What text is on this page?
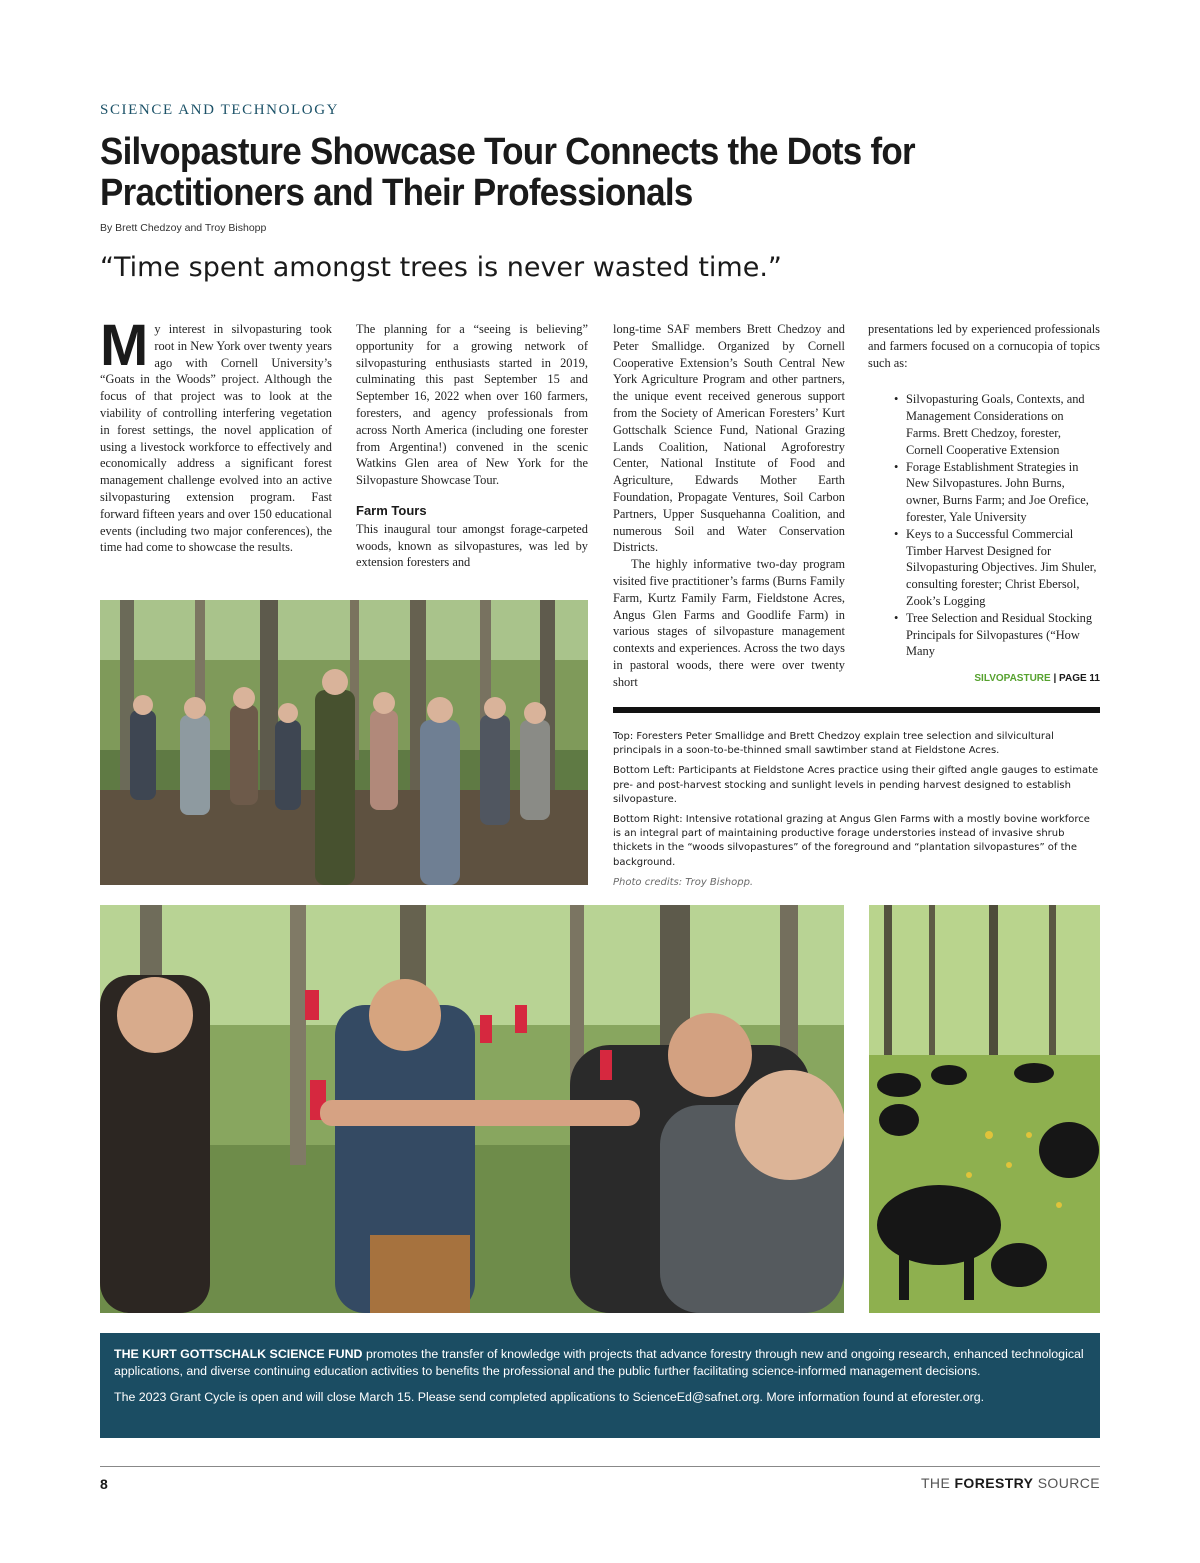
SCIENCE AND TECHNOLOGY
Silvopasture Showcase Tour Connects the Dots for Practitioners and Their Professionals
By Brett Chedzoy and Troy Bishopp
“Time spent amongst trees is never wasted time.”
My interest in silvopasturing took root in New York over twenty years ago with Cornell University’s “Goats in the Woods” project. Although the focus of that project was to look at the viability of controlling interfering vegetation in forest settings, the novel application of using a livestock workforce to effectively and economically address a significant forest management challenge evolved into an active silvopasturing extension program. Fast forward fifteen years and over 150 educational events (including two major conferences), the time had come to showcase the results.

The planning for a “seeing is believing” opportunity for a growing network of silvopasturing enthusiasts started in 2019, culminating this past September 15 and September 16, 2022 when over 160 farmers, foresters, and agency professionals from across North America (including one forester from Argentina!) convened in the scenic Watkins Glen area of New York for the Silvopasture Showcase Tour.

Farm Tours

This inaugural tour amongst forage-carpeted woods, known as silvopastures, was led by extension foresters and

long-time SAF members Brett Chedzoy and Peter Smallidge. Organized by Cornell Cooperative Extension’s South Central New York Agriculture Program and other partners, the unique event received generous support from the Society of American Foresters’ Kurt Gottschalk Science Fund, National Grazing Lands Coalition, National Agroforestry Center, National Institute of Food and Agriculture, Edwards Mother Earth Foundation, Propagate Ventures, Soil Carbon Partners, Upper Susquehanna Coalition, and numerous Soil and Water Conservation Districts.

The highly informative two-day program visited five practitioner’s farms (Burns Family Farm, Kurtz Family Farm, Fieldstone Acres, Angus Glen Farms and Goodlife Farm) in various stages of silvopasture management contexts and experiences. Across the two days in pastoral woods, there were over twenty short

presentations led by experienced professionals and farmers focused on a cornucopia of topics such as:

• Silvopasturing Goals, Contexts, and Management Considerations on Farms. Brett Chedzoy, forester, Cornell Cooperative Extension
• Forage Establishment Strategies in New Silvopastures. John Burns, owner, Burns Farm; and Joe Orefice, forester, Yale University
• Keys to a Successful Commercial Timber Harvest Designed for Silvopasturing Objectives. Jim Shuler, consulting forester; Christ Ebersol, Zook’s Logging
• Tree Selection and Residual Stocking Principals for Silvopastures (“How Many
SILVOPASTURE | PAGE 11

Top: Foresters Peter Smallidge and Brett Chedzoy explain tree selection and silvicultural principals in a soon-to-be-thinned small sawtimber stand at Fieldstone Acres.

Bottom Left: Participants at Fieldstone Acres practice using their gifted angle gauges to estimate pre- and post-harvest stocking and sunlight levels in pending harvest designed to establish silvopasture.

Bottom Right: Intensive rotational grazing at Angus Glen Farms with a mostly bovine workforce is an integral part of maintaining productive forage understories instead of invasive shrub thickets in the “woods silvopastures” of the foreground and “plantation silvopastures” of the background.

Photo credits: Troy Bishopp.

THE KURT GOTTSCHALK SCIENCE FUND promotes the transfer of knowledge with projects that advance forestry through new and ongoing research, enhanced technological applications, and diverse continuing education activities to benefits the professional and the public further facilitating science-informed management decisions.

The 2023 Grant Cycle is open and will close March 15. Please send completed applications to ScienceEd@safnet.org. More information found at eforester.org.

8	THE FORESTRY SOURCE
